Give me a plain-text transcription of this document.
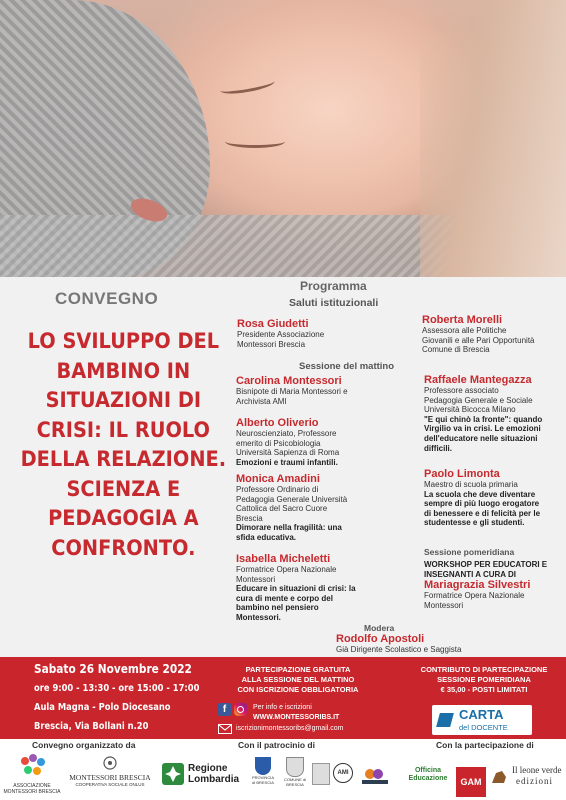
CONVEGNO
LO SVILUPPO DEL
BAMBINO IN
SITUAZIONI DI
CRISI: IL RUOLO
DELLA RELAZIONE.
SCIENZA E
PEDAGOGIA A
CONFRONTO.
Programma
Saluti istituzionali
Rosa Giudetti
Presidente Associazione
Montessori Brescia
Roberta Morelli
Assessora alle Politiche
Giovanili e alle Pari Opportunità
Comune di Brescia
Sessione del mattino
Carolina Montessori
Bisnipote di Maria Montessori e
Archivista AMI
Alberto Oliverio
Neuroscienziato, Professore
emerito di Psicobiologia
Università Sapienza di Roma
Emozioni e traumi infantili.
Monica Amadini
Professore Ordinario di
Pedagogia Generale Università
Cattolica del Sacro Cuore
Brescia
Dimorare nella fragilità: una
sfida educativa.
Isabella Micheletti
Formatrice Opera Nazionale
Montessori
Educare in situazioni di crisi: la
cura di mente e corpo del
bambino nel pensiero
Montessori.
Raffaele Mantegazza
Professore associato
Pedagogia Generale e Sociale
Università Bicocca Milano
"E qui chinò la fronte": quando
Virgilio va in crisi. Le emozioni
dell'educatore nelle situazioni
difficili.
Paolo Limonta
Maestro di scuola primaria
La scuola che deve diventare
sempre di più luogo erogatore
di benessere e di felicità per le
studentesse e gli studenti.
Sessione pomeridiana
WORKSHOP PER EDUCATORI E
INSEGNANTI A CURA DI
Mariagrazia Silvestri
Formatrice Opera Nazionale
Montessori
Modera
Rodolfo Apostoli
Già Dirigente Scolastico e Saggista
Sabato 26 Novembre 2022
ore 9:00 - 13:30 - ore 15:00 - 17:00
Aula Magna - Polo Diocesano
Brescia, Via Bollani n.20
PARTECIPAZIONE GRATUITA
ALLA SESSIONE DEL MATTINO
CON ISCRIZIONE OBBLIGATORIA
f	Per info e iscrizioni
WWW.MONTESSORIBS.IT
iscrizionimontessoribs@gmail.com
CONTRIBUTO DI PARTECIPAZIONE
SESSIONE POMERIDIANA
€ 35,00 - POSTI LIMITATI
CARTA
del DOCENTE
Convegno organizzato da	Con il patrocinio di	Con la partecipazione di
ASSOCIAZIONE
MONTESSORI BRESCIA
MONTESSORI BRESCIA
COOPERATIVA SOCIALE ONLUS
Regione
Lombardia	PROVINCIA
di BRESCIA
COMUNE di
BRESCIA
AMI	Officina
Educazione	GAM
Il leone verde
edizioni
